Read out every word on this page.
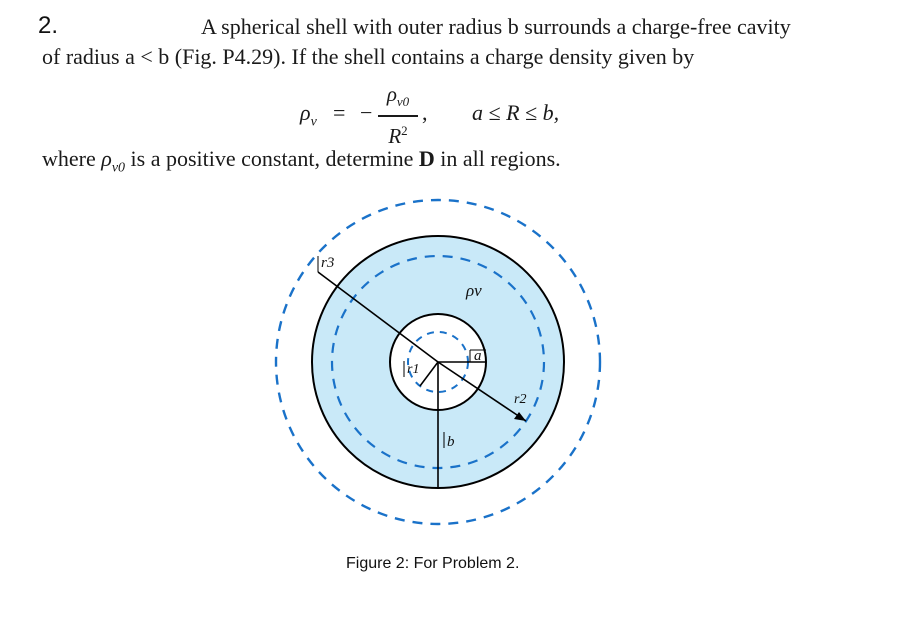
2.	A spherical shell with outer radius b surrounds a charge-free cavity
of radius a < b (Fig. P4.29). If the shell contains a charge density given by
$\rho_v$ = −
$\rho_{v0}$
$R^2$
, a ≤ R ≤ b,
where $\rho_{v0}$ is a positive constant, determine D in all regions.
r3
ρv
a
r1
r2
b
Figure 2: For Problem 2.
